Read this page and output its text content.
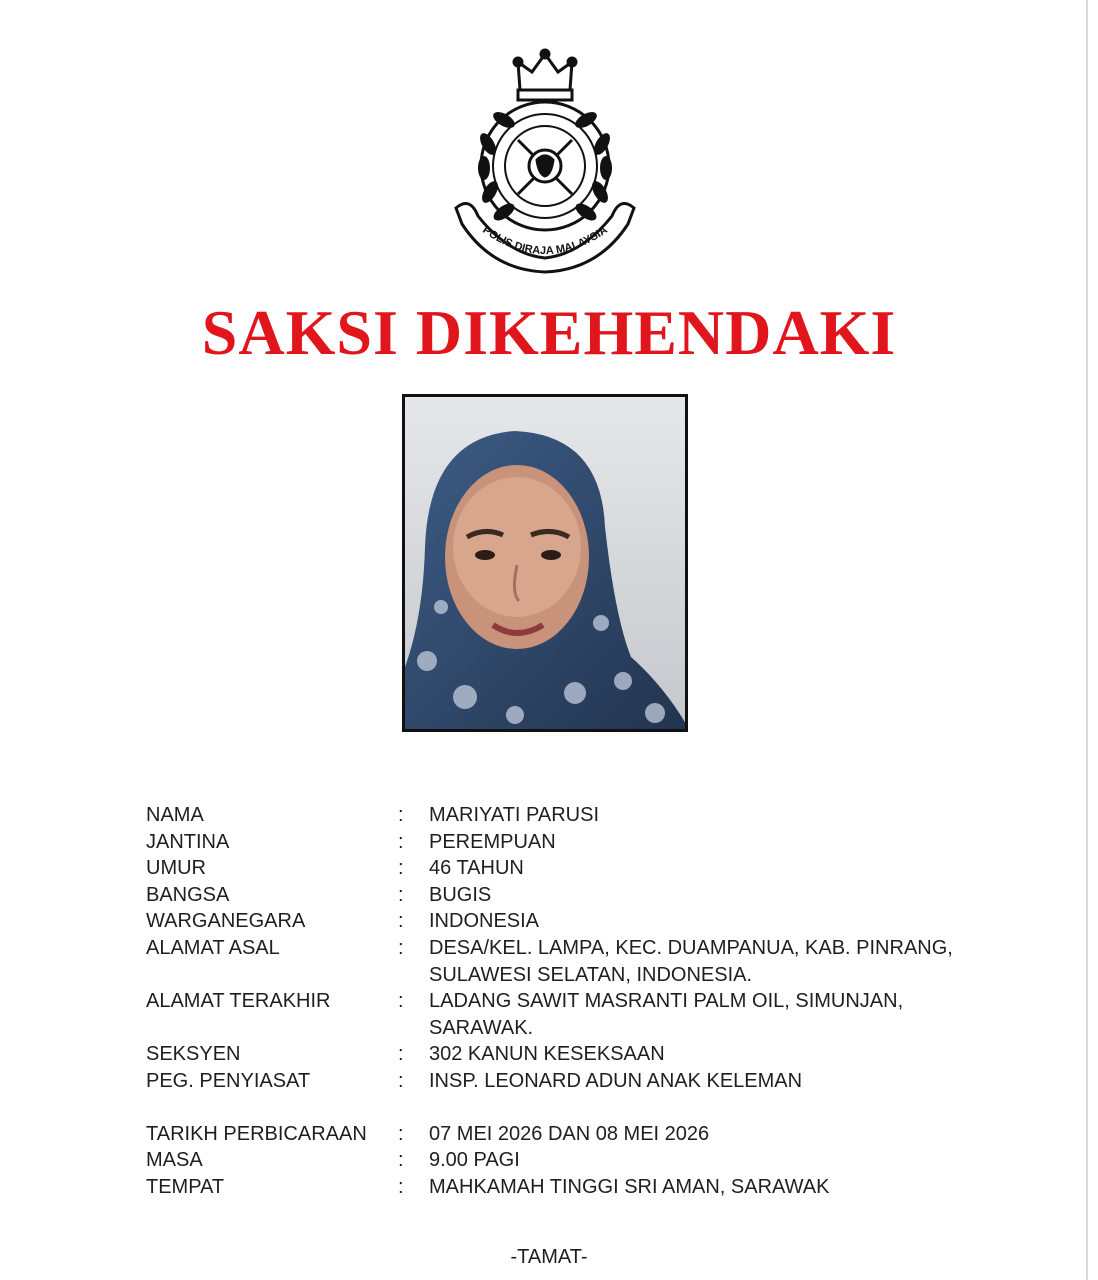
POLIS DIRAJA MALAYSIA
SAKSI DIKEHENDAKI
NAMA	:	MARIYATI PARUSI
JANTINA	:	PEREMPUAN
UMUR	:	46 TAHUN
BANGSA	:	BUGIS
WARGANEGARA	:	INDONESIA
ALAMAT ASAL	:	DESA/KEL. LAMPA, KEC. DUAMPANUA, KAB. PINRANG,
SULAWESI SELATAN, INDONESIA.
ALAMAT TERAKHIR	:	LADANG SAWIT MASRANTI PALM OIL, SIMUNJAN,
SARAWAK.
SEKSYEN	:	302 KANUN KESEKSAAN
PEG. PENYIASAT	:	INSP. LEONARD ADUN ANAK KELEMAN
TARIKH PERBICARAAN	:	07 MEI 2026 DAN 08 MEI 2026
MASA	:	9.00 PAGI
TEMPAT	:	MAHKAMAH TINGGI SRI AMAN, SARAWAK
-TAMAT-
